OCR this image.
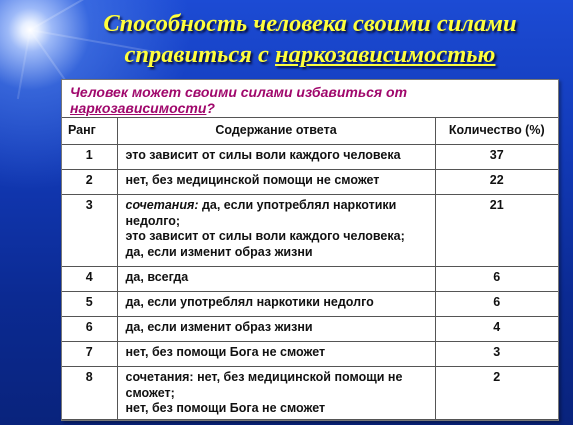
Способность человека своими силами
справиться с наркозависимостью
Человек может своими силами избавиться от
наркозависимости?
Ранг	Содержание ответа	Количество (%)
1	это зависит от силы воли каждого человека	37
2	нет, без медицинской помощи не сможет	22
3	сочетания: да, если употреблял наркотики недолго;
это зависит от силы воли каждого человека;
да, если изменит образ жизни	21
4	да, всегда	6
5	да, если употреблял наркотики недолго	6
6	да, если изменит образ жизни	4
7	нет, без помощи Бога не сможет	3
8	сочетания: нет, без медицинской помощи не сможет;
нет, без помощи Бога не сможет	2
